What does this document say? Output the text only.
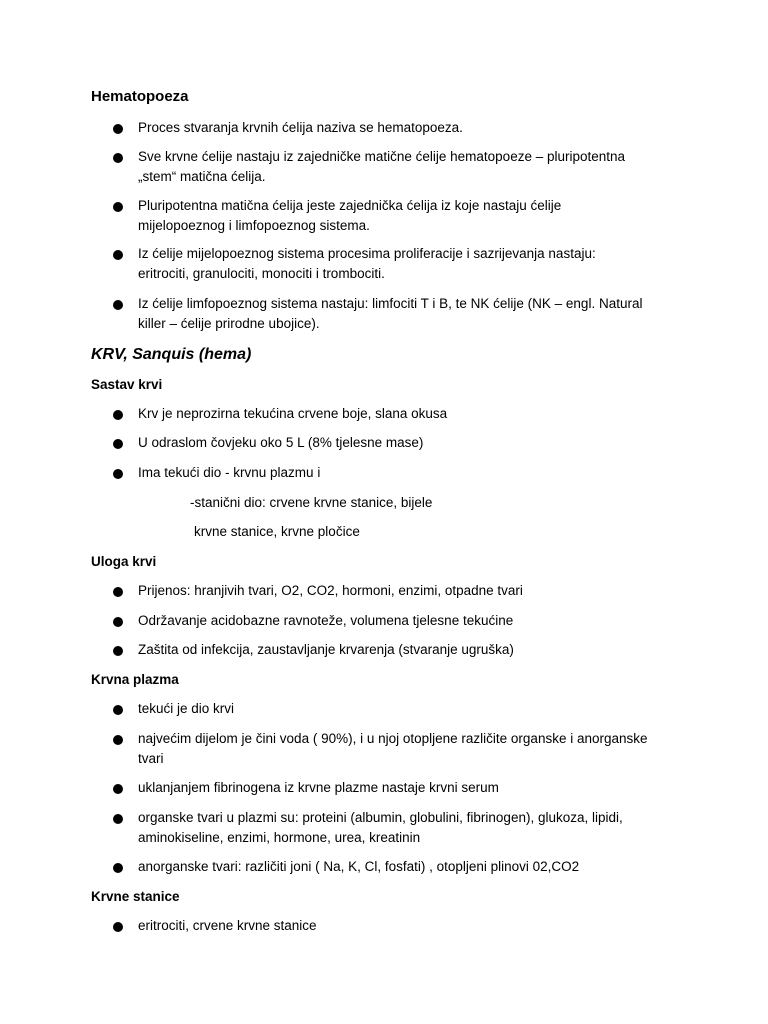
Hematopoeza
Proces stvaranja krvnih ćelija naziva se hematopoeza.
Sve krvne ćelije nastaju iz zajedničke matične ćelije hematopoeze – pluripotentna
„stem“ matična ćelija.
Pluripotentna matična ćelija jeste zajednička ćelija iz koje nastaju ćelije
mijelopoeznog i limfopoeznog sistema.
Iz ćelije mijelopoeznog sistema procesima proliferacije i sazrijevanja nastaju:
eritrociti, granulociti, monociti i trombociti.
Iz ćelije limfopoeznog sistema nastaju: limfociti T i B, te NK ćelije (NK – engl. Natural
killer – ćelije prirodne ubojice).
KRV, Sanquis (hema)
Sastav krvi
Krv je neprozirna tekućina crvene boje, slana okusa
U odraslom čovjeku oko 5 L (8% tjelesne mase)
Ima tekući dio - krvnu plazmu i
-stanični dio: crvene krvne stanice, bijele
krvne stanice, krvne pločice
Uloga krvi
Prijenos: hranjivih tvari, O2, CO2, hormoni, enzimi, otpadne tvari
Održavanje acidobazne ravnoteže, volumena tjelesne tekućine
Zaštita od infekcija, zaustavljanje krvarenja (stvaranje ugruška)
Krvna plazma
tekući je dio krvi
najvećim dijelom je čini voda ( 90%), i u njoj otopljene različite organske i anorganske
tvari
uklanjanjem fibrinogena iz krvne plazme nastaje krvni serum
organske tvari u plazmi su: proteini (albumin, globulini, fibrinogen), glukoza, lipidi,
aminokiseline, enzimi, hormone, urea, kreatinin
anorganske tvari: različiti joni ( Na, K, Cl, fosfati) , otopljeni plinovi 02,CO2
Krvne stanice
eritrociti, crvene krvne stanice
